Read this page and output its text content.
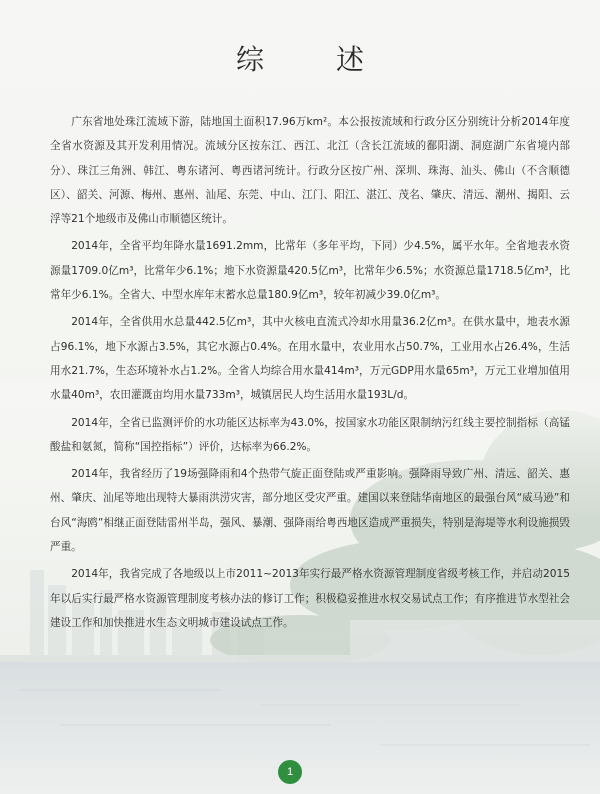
综　述

广东省地处珠江流域下游，陆地国土面积17.96万km²。本公报按流域和行政分区分别统计分析2014年度全省水资源及其开发利用情况。流域分区按东江、西江、北江（含长江流域的鄱阳湖、洞庭湖广东省境内部分）、珠江三角洲、韩江、粤东诸河、粤西诸河统计。行政分区按广州、深圳、珠海、汕头、佛山（不含顺德区）、韶关、河源、梅州、惠州、汕尾、东莞、中山、江门、阳江、湛江、茂名、肇庆、清远、潮州、揭阳、云浮等21个地级市及佛山市顺德区统计。

2014年，全省平均年降水量1691.2mm，比常年（多年平均，下同）少4.5%，属平水年。全省地表水资源量1709.0亿m³，比常年少6.1%；地下水资源量420.5亿m³，比常年少6.5%；水资源总量1718.5亿m³，比常年少6.1%。全省大、中型水库年末蓄水总量180.9亿m³，较年初减少39.0亿m³。

2014年，全省供用水总量442.5亿m³，其中火核电直流式冷却水用量36.2亿m³。在供水量中，地表水源占96.1%，地下水源占3.5%，其它水源占0.4%。在用水量中，农业用水占50.7%，工业用水占26.4%，生活用水21.7%，生态环境补水占1.2%。全省人均综合用水量414m³，万元GDP用水量65m³，万元工业增加值用水量40m³，农田灌溉亩均用水量733m³，城镇居民人均生活用水量193L/d。

2014年，全省已监测评价的水功能区达标率为43.0%，按国家水功能区限制纳污红线主要控制指标（高锰酸盐和氨氮，简称“国控指标”）评价，达标率为66.2%。

2014年，我省经历了19场强降雨和4个热带气旋正面登陆或严重影响。强降雨导致广州、清远、韶关、惠州、肇庆、汕尾等地出现特大暴雨洪涝灾害，部分地区受灾严重。建国以来登陆华南地区的最强台风“威马逊”和台风“海鸥”相继正面登陆雷州半岛，强风、暴潮、强降雨给粤西地区造成严重损失，特别是海堤等水利设施损毁严重。

2014年，我省完成了各地级以上市2011~2013年实行最严格水资源管理制度省级考核工作，并启动2015年以后实行最严格水资源管理制度考核办法的修订工作；积极稳妥推进水权交易试点工作；有序推进节水型社会建设工作和加快推进水生态文明城市建设试点工作。

1
